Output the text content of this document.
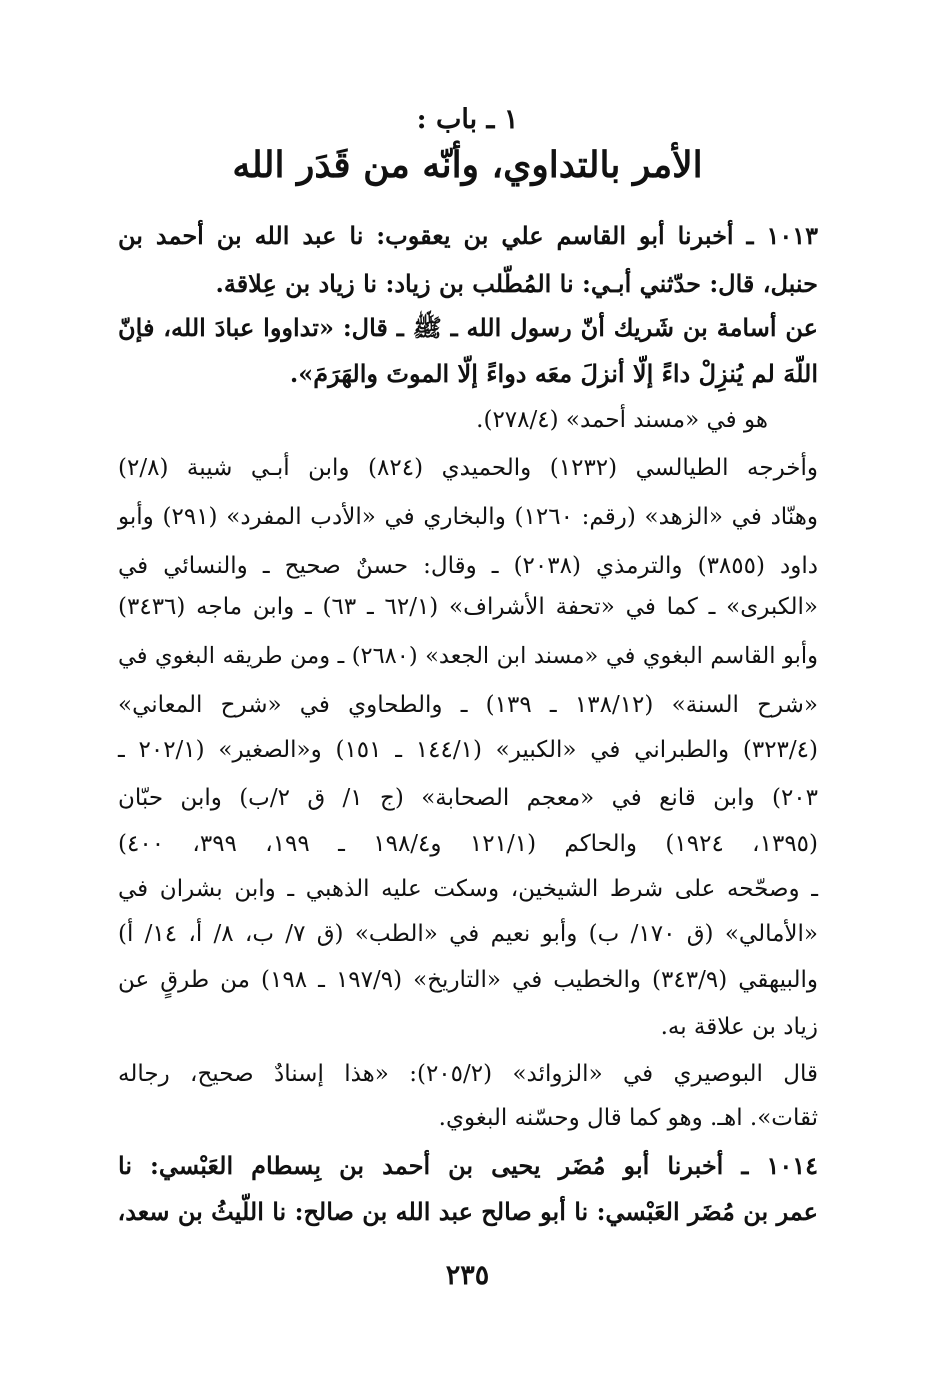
١ ـ باب :
الأمر بالتداوي، وأنّه من قَدَر الله
١٠١٣ ـ أخبرنا أبو القاسم علي بن يعقوب: نا عبد الله بن أحمد بن
حنبل، قال: حدّثني أبـي: نا المُطّلب بن زياد: نا زياد بن عِلاقة.
عن أسامة بن شَريك أنّ رسول الله ـ ﷺ ـ قال: «تداووا عبادَ الله، فإنّ
اللّهَ لم يُنزِلْ داءً إلّا أنزلَ معَه دواءً إلّا الموتَ والهَرَمَ».
هو في «مسند أحمد» (٢٧٨/٤).
وأخرجه الطيالسي (١٢٣٢) والحميدي (٨٢٤) وابن أبـي شيبة (٢/٨)
وهنّاد في «الزهد» (رقم: ١٢٦٠) والبخاري في «الأدب المفرد» (٢٩١) وأبو
داود (٣٨٥٥) والترمذي (٢٠٣٨) ـ وقال: حسنٌ صحيح ـ والنسائي في
«الكبرى» ـ كما في «تحفة الأشراف» (٦٢/١ ـ ٦٣) ـ وابن ماجه (٣٤٣٦)
وأبو القاسم البغوي في «مسند ابن الجعد» (٢٦٨٠) ـ ومن طريقه البغوي في
«شرح السنة» (١٣٨/١٢ ـ ١٣٩) ـ والطحاوي في «شرح المعاني»
(٣٢٣/٤) والطبراني في «الكبير» (١٤٤/١ ـ ١٥١) و«الصغير» (٢٠٢/١ ـ
٢٠٣) وابن قانع في «معجم الصحابة» (ج ١/ ق ٢/ب) وابن حبّان
(١٣٩٥، ١٩٢٤) والحاكم (١٢١/١ و١٩٨/٤ ـ ١٩٩، ٣٩٩، ٤٠٠)
ـ وصحّحه على شرط الشيخين، وسكت عليه الذهبي ـ وابن بشران في
«الأمالي» (ق ١٧٠/ ب) وأبو نعيم في «الطب» (ق ٧/ ب، ٨/ أ، ١٤/ أ)
والبيهقي (٣٤٣/٩) والخطيب في «التاريخ» (١٩٧/٩ ـ ١٩٨) من طرقٍ عن
زياد بن علاقة به.
قال البوصيري في «الزوائد» (٢٠٥/٢): «هذا إسنادٌ صحيح، رجاله
ثقات». اهـ. وهو كما قال وحسّنه البغوي.
١٠١٤ ـ أخبرنا أبو مُضَر يحيى بن أحمد بن بِسطام العَبْسي: نا
عمر بن مُضَر العَبْسي: نا أبو صالح عبد الله بن صالح: نا اللّيثُ بن سعد،
٢٣٥
